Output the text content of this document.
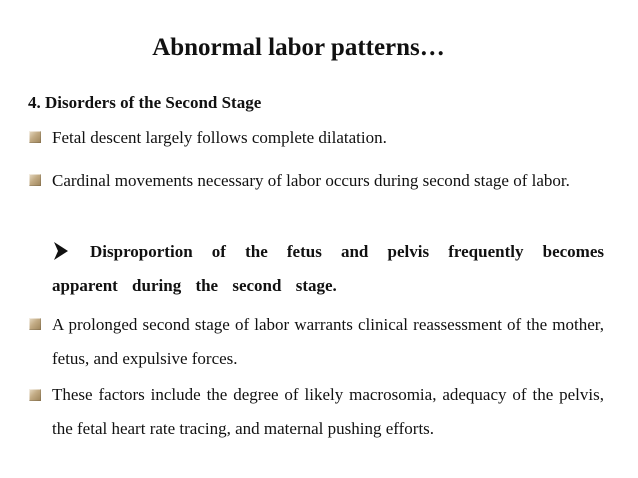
Abnormal labor patterns…
4. Disorders of the Second Stage
Fetal descent largely follows complete dilatation.
Cardinal movements necessary of labor occurs during second stage of labor.
Disproportion of the fetus and pelvis frequently becomes apparent during the second stage.
A prolonged second stage of labor warrants clinical reassessment of the mother, fetus, and expulsive forces.
These factors include the degree of likely macrosomia, adequacy of the pelvis, the fetal heart rate tracing, and maternal pushing efforts.
